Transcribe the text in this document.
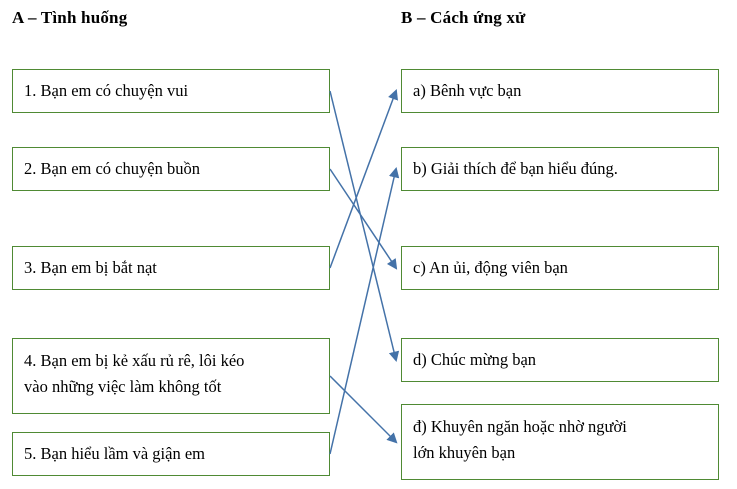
A – Tình huống	B – Cách ứng xử
1. Bạn em có chuyện vui
2. Bạn em có chuyện buồn
3. Bạn em bị bắt nạt
4. Bạn em bị kẻ xấu rủ rê, lôi kéo
vào những việc làm không tốt
5. Bạn hiểu lầm và giận em
a) Bênh vực bạn
b) Giải thích để bạn hiểu đúng.
c) An ủi, động viên bạn
d) Chúc mừng bạn
đ) Khuyên ngăn hoặc nhờ người
lớn khuyên bạn
